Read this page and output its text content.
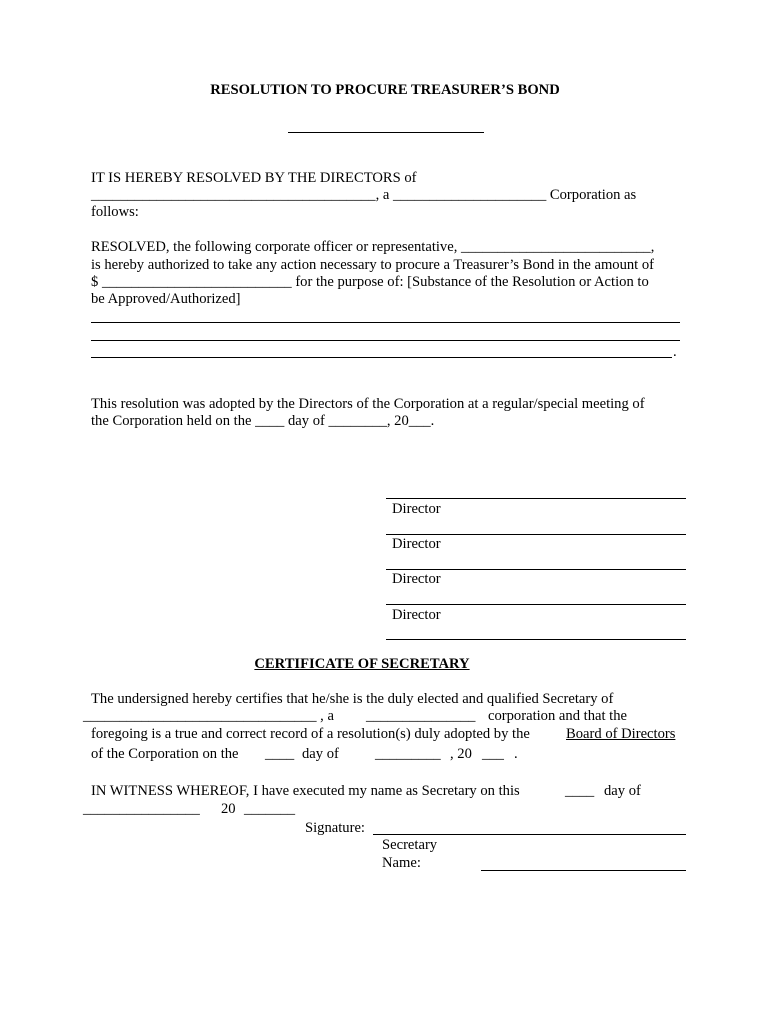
RESOLUTION TO PROCURE TREASURER’S BOND
IT IS HEREBY RESOLVED BY THE DIRECTORS of
_______________________________________, a _____________________ Corporation as
follows:
RESOLVED, the following corporate officer or representative, __________________________,
is hereby authorized to take any action necessary to procure a Treasurer’s Bond in the amount of
$ __________________________ for the purpose of: [Substance of the Resolution or Action to
be Approved/Authorized]
.
This resolution was adopted by the Directors of the Corporation at a regular/special meeting of
the Corporation held on the ____ day of ________, 20___.
Director
Director
Director
Director
CERTIFICATE OF SECRETARY
The undersigned hereby certifies that he/she is the duly elected and qualified Secretary of
________________________________ , a _______________ corporation and that the
foregoing is a true and correct record of a resolution(s) duly adopted by the Board of Directors
of the Corporation on the ____ day of _________ , 20 ___ .
IN WITNESS WHEREOF, I have executed my name as Secretary on this	____ day of
________________ 20 _______
Signature:
Secretary
Name:
